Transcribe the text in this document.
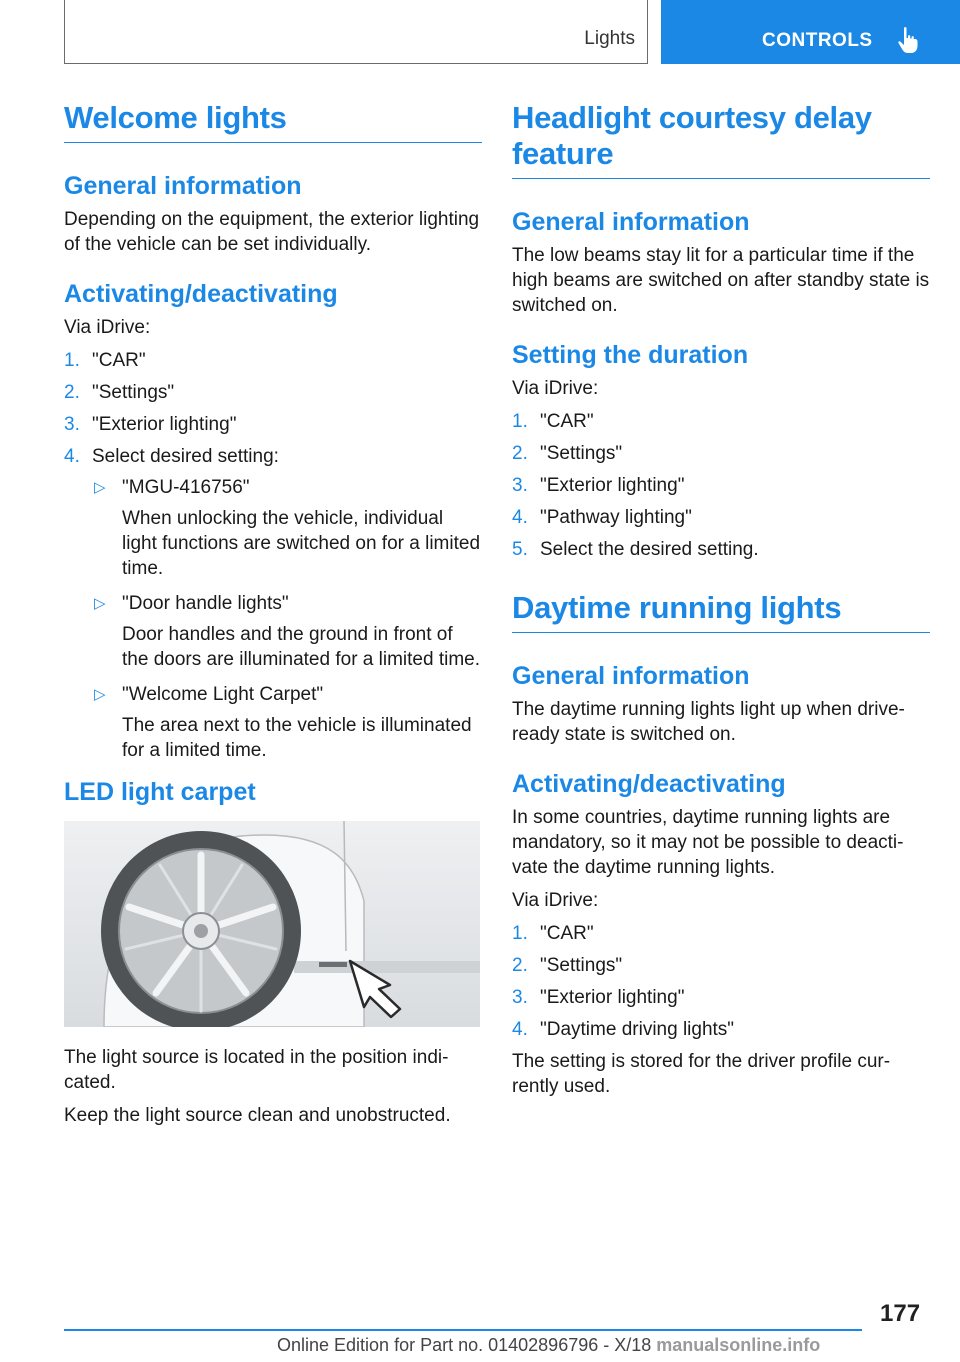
Lights	CONTROLS
Welcome lights
General information

Depending on the equipment, the exterior lighting of the vehicle can be set individually.

Activating/deactivating

Via iDrive:

1. "CAR"
2. "Settings"
3. "Exterior lighting"
4. Select desired setting:
▷ "MGU-416756"
When unlocking the vehicle, individual light functions are switched on for a limited time.
▷ "Door handle lights"
Door handles and the ground in front of the doors are illuminated for a limited time.
▷ "Welcome Light Carpet"
The area next to the vehicle is illuminated for a limited time.
LED light carpet

The light source is located in the position indicated.

Keep the light source clean and unobstructed.

Headlight courtesy delay feature
General information

The low beams stay lit for a particular time if the high beams are switched on after standby state is switched on.

Setting the duration

Via iDrive:

1. "CAR"
2. "Settings"
3. "Exterior lighting"
4. "Pathway lighting"
5. Select the desired setting.
Daytime running lights
General information

The daytime running lights light up when drive-ready state is switched on.

Activating/deactivating

In some countries, daytime running lights are mandatory, so it may not be possible to deactivate the daytime running lights.

Via iDrive:

1. "CAR"
2. "Settings"
3. "Exterior lighting"
4. "Daytime driving lights"

The setting is stored for the driver profile currently used.

177
Online Edition for Part no. 01402896796 - X/18 manualsonline.info
